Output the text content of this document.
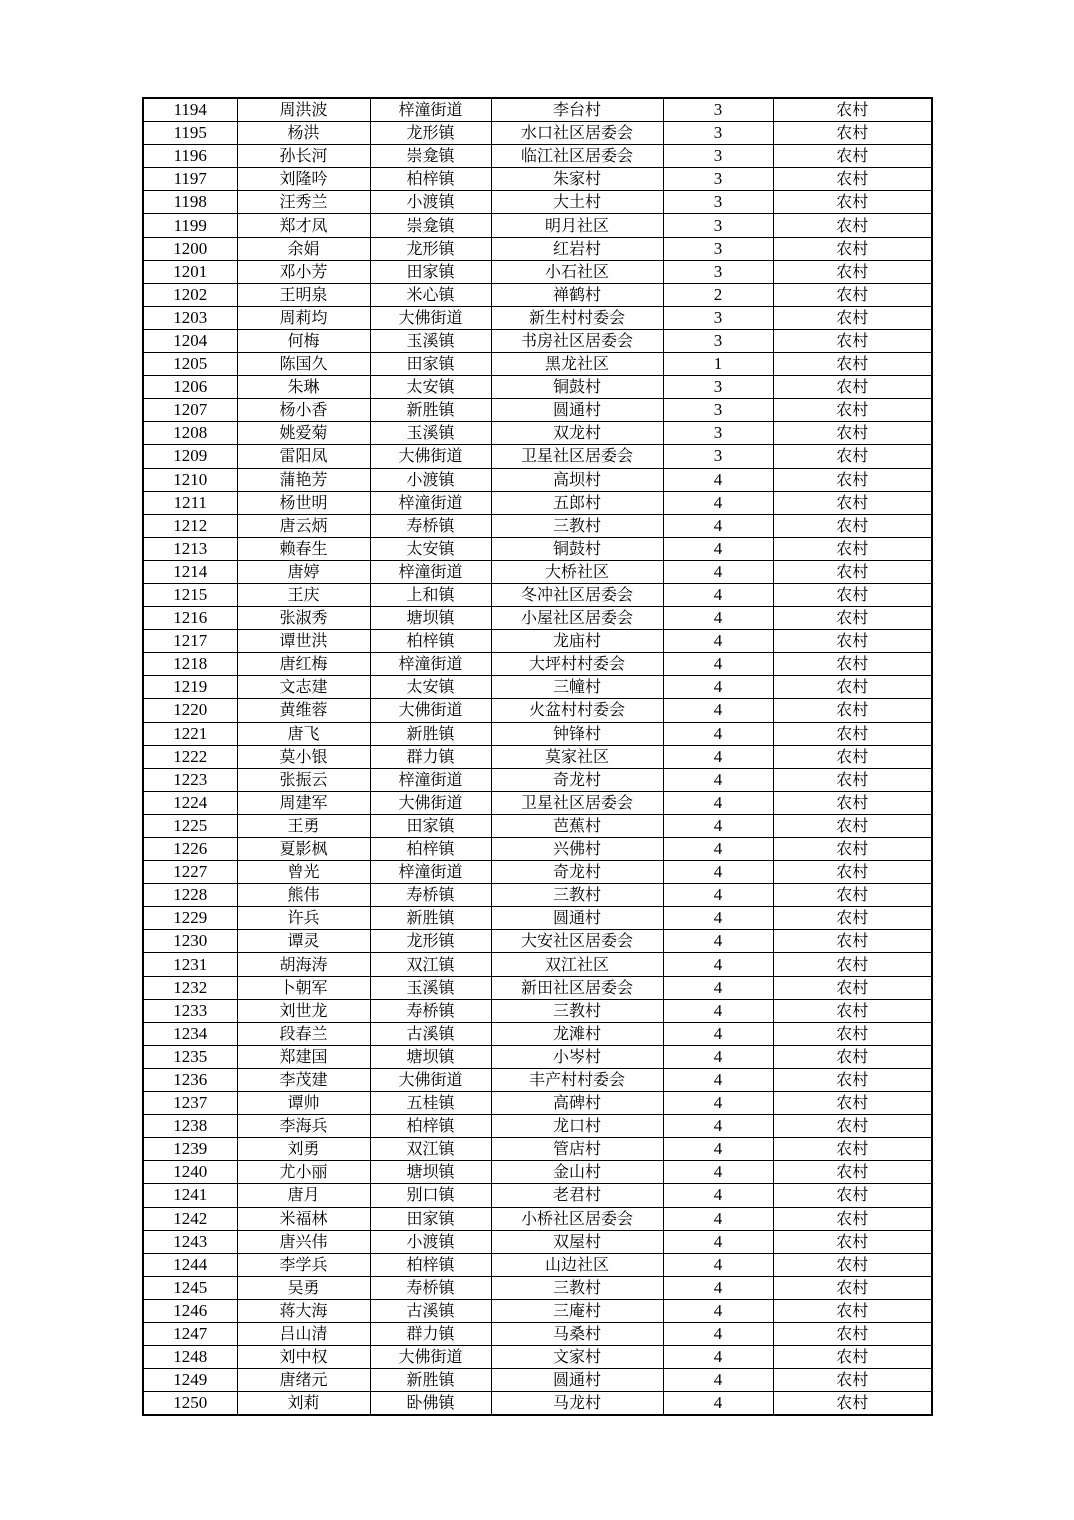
1194	周洪波	梓潼街道	李台村	3	农村
1195	杨洪	龙形镇	水口社区居委会	3	农村
1196	孙长河	崇龛镇	临江社区居委会	3	农村
1197	刘隆吟	柏梓镇	朱家村	3	农村
1198	汪秀兰	小渡镇	大土村	3	农村
1199	郑才凤	崇龛镇	明月社区	3	农村
1200	余娟	龙形镇	红岩村	3	农村
1201	邓小芳	田家镇	小石社区	3	农村
1202	王明泉	米心镇	禅鹤村	2	农村
1203	周莉均	大佛街道	新生村村委会	3	农村
1204	何梅	玉溪镇	书房社区居委会	3	农村
1205	陈国久	田家镇	黑龙社区	1	农村
1206	朱琳	太安镇	铜鼓村	3	农村
1207	杨小香	新胜镇	圆通村	3	农村
1208	姚爱菊	玉溪镇	双龙村	3	农村
1209	雷阳凤	大佛街道	卫星社区居委会	3	农村
1210	蒲艳芳	小渡镇	高坝村	4	农村
1211	杨世明	梓潼街道	五郎村	4	农村
1212	唐云炳	寿桥镇	三教村	4	农村
1213	赖春生	太安镇	铜鼓村	4	农村
1214	唐婷	梓潼街道	大桥社区	4	农村
1215	王庆	上和镇	冬冲社区居委会	4	农村
1216	张淑秀	塘坝镇	小屋社区居委会	4	农村
1217	谭世洪	柏梓镇	龙庙村	4	农村
1218	唐红梅	梓潼街道	大坪村村委会	4	农村
1219	文志建	太安镇	三幢村	4	农村
1220	黄维蓉	大佛街道	火盆村村委会	4	农村
1221	唐飞	新胜镇	钟锋村	4	农村
1222	莫小银	群力镇	莫家社区	4	农村
1223	张振云	梓潼街道	奇龙村	4	农村
1224	周建军	大佛街道	卫星社区居委会	4	农村
1225	王勇	田家镇	芭蕉村	4	农村
1226	夏影枫	柏梓镇	兴佛村	4	农村
1227	曾光	梓潼街道	奇龙村	4	农村
1228	熊伟	寿桥镇	三教村	4	农村
1229	许兵	新胜镇	圆通村	4	农村
1230	谭灵	龙形镇	大安社区居委会	4	农村
1231	胡海涛	双江镇	双江社区	4	农村
1232	卜朝军	玉溪镇	新田社区居委会	4	农村
1233	刘世龙	寿桥镇	三教村	4	农村
1234	段春兰	古溪镇	龙滩村	4	农村
1235	郑建国	塘坝镇	小岑村	4	农村
1236	李茂建	大佛街道	丰产村村委会	4	农村
1237	谭帅	五桂镇	高碑村	4	农村
1238	李海兵	柏梓镇	龙口村	4	农村
1239	刘勇	双江镇	管店村	4	农村
1240	尤小丽	塘坝镇	金山村	4	农村
1241	唐月	别口镇	老君村	4	农村
1242	米福林	田家镇	小桥社区居委会	4	农村
1243	唐兴伟	小渡镇	双屋村	4	农村
1244	李学兵	柏梓镇	山边社区	4	农村
1245	吴勇	寿桥镇	三教村	4	农村
1246	蒋大海	古溪镇	三庵村	4	农村
1247	吕山清	群力镇	马桑村	4	农村
1248	刘中权	大佛街道	文家村	4	农村
1249	唐绪元	新胜镇	圆通村	4	农村
1250	刘莉	卧佛镇	马龙村	4	农村
